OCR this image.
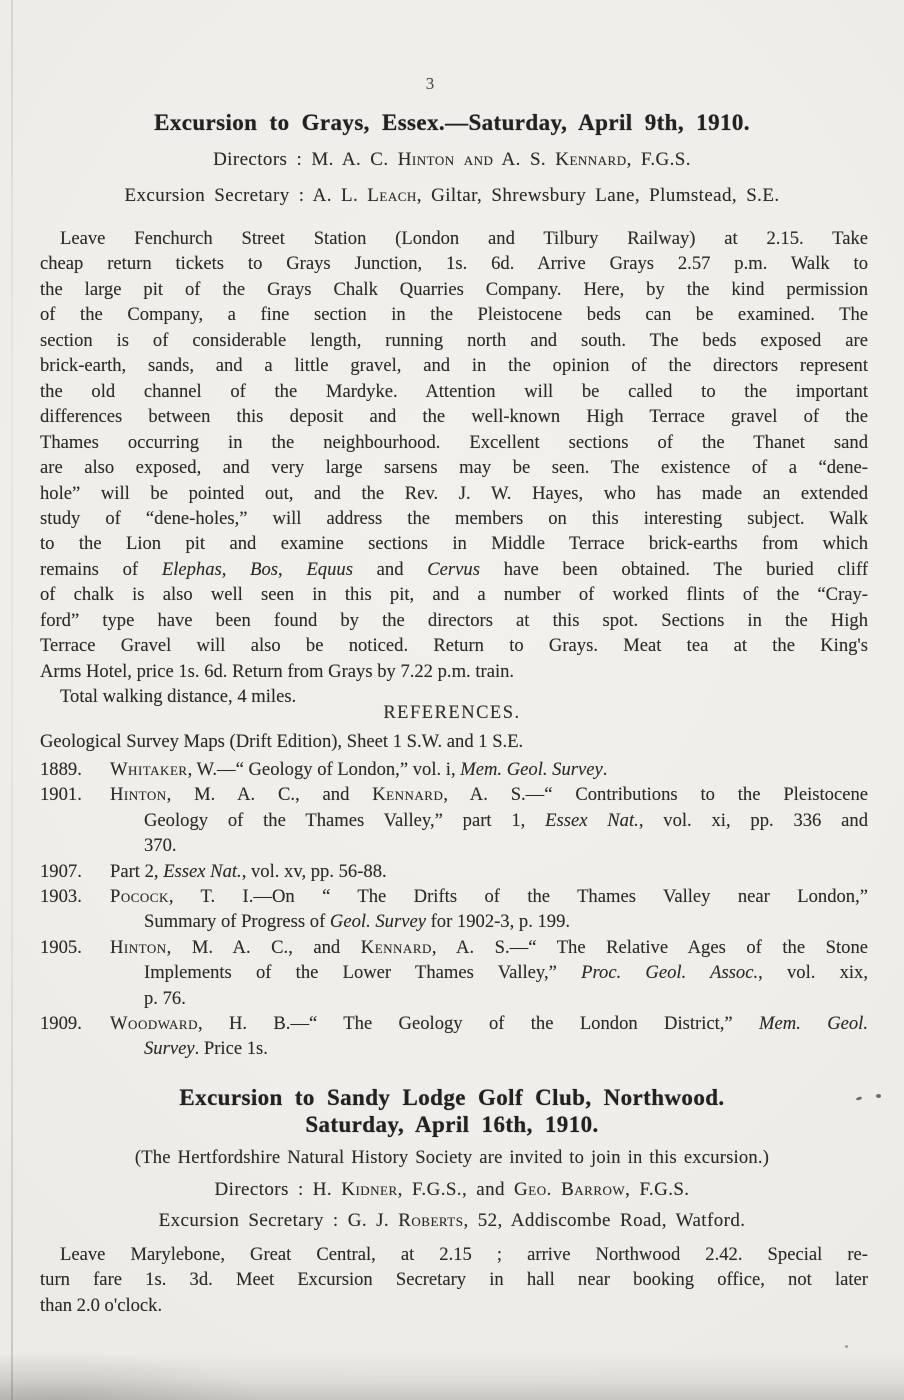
3
Excursion to Grays, Essex.—Saturday, April 9th, 1910.
Directors : M. A. C. Hinton and A. S. Kennard, F.G.S.
Excursion Secretary : A. L. Leach, Giltar, Shrewsbury Lane, Plumstead, S.E.
Leave Fenchurch Street Station (London and Tilbury Railway) at 2.15. Take
cheap return tickets to Grays Junction, 1s. 6d. Arrive Grays 2.57 p.m. Walk to
the large pit of the Grays Chalk Quarries Company. Here, by the kind permission
of the Company, a fine section in the Pleistocene beds can be examined. The
section is of considerable length, running north and south. The beds exposed are
brick-earth, sands, and a little gravel, and in the opinion of the directors represent
the old channel of the Mardyke. Attention will be called to the important
differences between this deposit and the well-known High Terrace gravel of the
Thames occurring in the neighbourhood. Excellent sections of the Thanet sand
are also exposed, and very large sarsens may be seen. The existence of a “dene-
hole” will be pointed out, and the Rev. J. W. Hayes, who has made an extended
study of “dene-holes,” will address the members on this interesting subject. Walk
to the Lion pit and examine sections in Middle Terrace brick-earths from which
remains of Elephas, Bos, Equus and Cervus have been obtained. The buried cliff
of chalk is also well seen in this pit, and a number of worked flints of the “Cray-
ford” type have been found by the directors at this spot. Sections in the High
Terrace Gravel will also be noticed. Return to Grays. Meat tea at the King's
Arms Hotel, price 1s. 6d. Return from Grays by 7.22 p.m. train.
Total walking distance, 4 miles.
REFERENCES.
Geological Survey Maps (Drift Edition), Sheet 1 S.W. and 1 S.E.
1889. Whitaker, W.—“ Geology of London,” vol. i, Mem. Geol. Survey.
1901. Hinton, M. A. C., and Kennard, A. S.—“ Contributions to the Pleistocene
Geology of the Thames Valley,” part 1, Essex Nat., vol. xi, pp. 336 and
370.
1907. Part 2, Essex Nat., vol. xv, pp. 56-88.
1903. Pocock, T. I.—On “ The Drifts of the Thames Valley near London,”
Summary of Progress of Geol. Survey for 1902-3, p. 199.
1905. Hinton, M. A. C., and Kennard, A. S.—“ The Relative Ages of the Stone
Implements of the Lower Thames Valley,” Proc. Geol. Assoc., vol. xix,
p. 76.
1909. Woodward, H. B.—“ The Geology of the London District,” Mem. Geol.
Survey. Price 1s.
Excursion to Sandy Lodge Golf Club, Northwood.
Saturday, April 16th, 1910.
(The Hertfordshire Natural History Society are invited to join in this excursion.)
Directors : H. Kidner, F.G.S., and Geo. Barrow, F.G.S.
Excursion Secretary : G. J. Roberts, 52, Addiscombe Road, Watford.
Leave Marylebone, Great Central, at 2.15 ; arrive Northwood 2.42. Special re-
turn fare 1s. 3d. Meet Excursion Secretary in hall near booking office, not later
than 2.0 o'clock.
